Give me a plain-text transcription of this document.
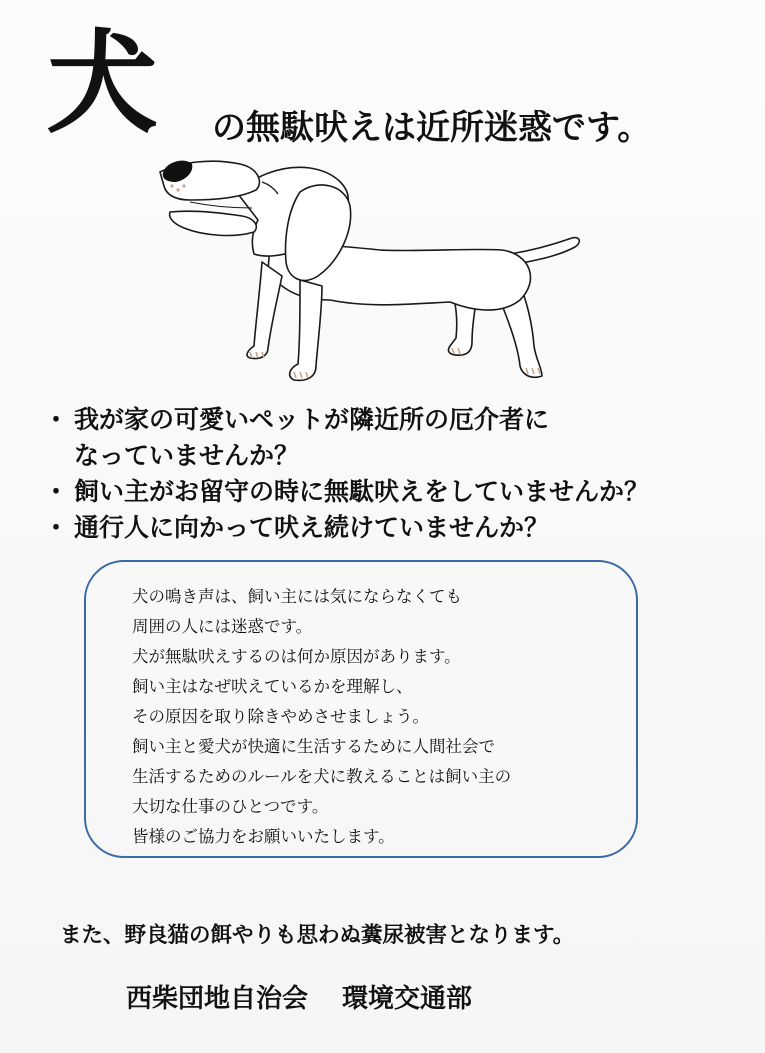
犬 の無駄吠えは近所迷惑です。
・ 我が家の可愛いペットが隣近所の厄介者に
なっていませんか？
・ 飼い主がお留守の時に無駄吠えをしていませんか？
・ 通行人に向かって吠え続けていませんか？
犬の鳴き声は、飼い主には気にならなくても
周囲の人には迷惑です。
犬が無駄吠えするのは何か原因があります。
飼い主はなぜ吠えているかを理解し、
その原因を取り除きやめさせましょう。
飼い主と愛犬が快適に生活するために人間社会で
生活するためのルールを犬に教えることは飼い主の
大切な仕事のひとつです。
皆様のご協力をお願いいたします。
また、野良猫の餌やりも思わぬ糞尿被害となります。
西柴団地自治会 環境交通部
